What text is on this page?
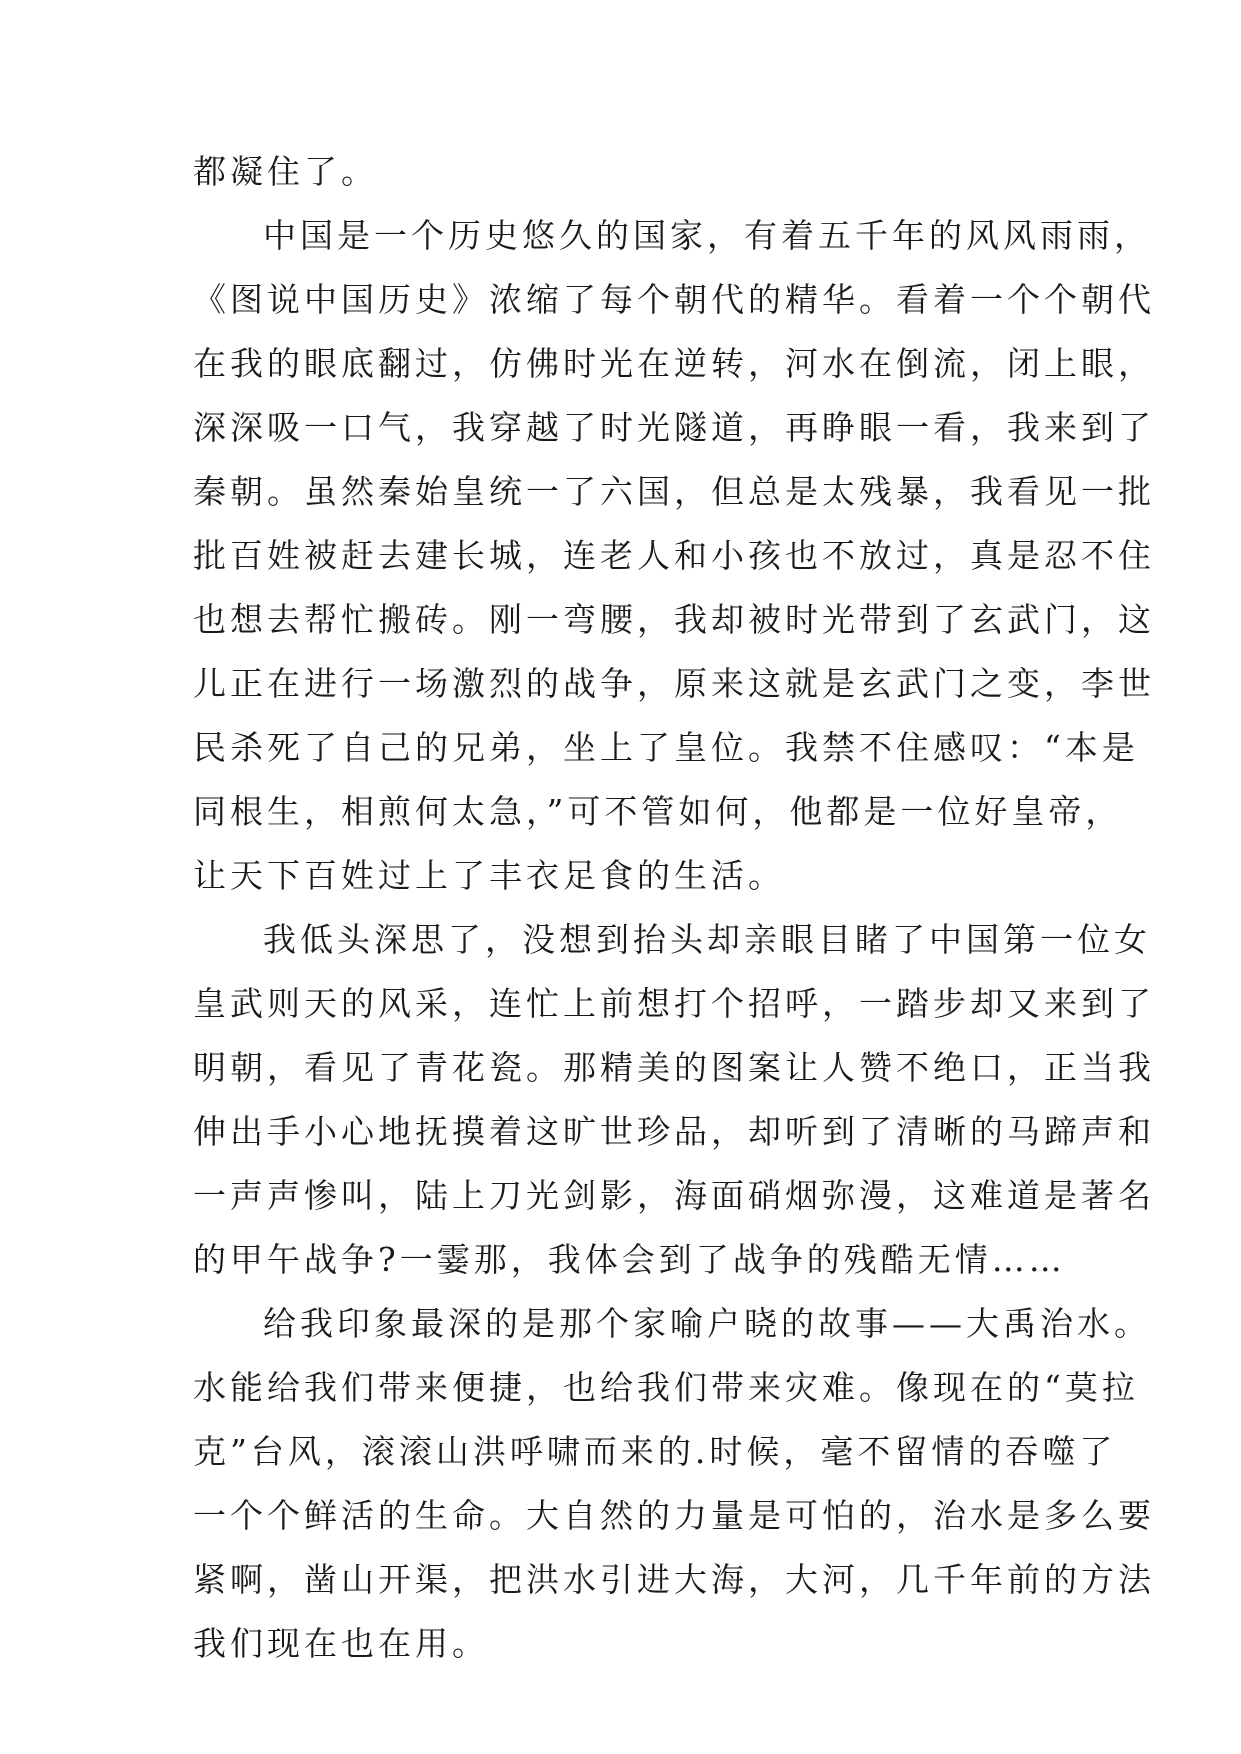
都凝住了。
中国是一个历史悠久的国家，有着五千年的风风雨雨，
《图说中国历史》浓缩了每个朝代的精华。看着一个个朝代
在我的眼底翻过，仿佛时光在逆转，河水在倒流，闭上眼，
深深吸一口气，我穿越了时光隧道，再睁眼一看，我来到了
秦朝。虽然秦始皇统一了六国，但总是太残暴，我看见一批
批百姓被赶去建长城，连老人和小孩也不放过，真是忍不住
也想去帮忙搬砖。刚一弯腰，我却被时光带到了玄武门，这
儿正在进行一场激烈的战争，原来这就是玄武门之变，李世
民杀死了自己的兄弟，坐上了皇位。我禁不住感叹：“本是
同根生，相煎何太急，”可不管如何，他都是一位好皇帝，
让天下百姓过上了丰衣足食的生活。
我低头深思了，没想到抬头却亲眼目睹了中国第一位女
皇武则天的风采，连忙上前想打个招呼，一踏步却又来到了
明朝，看见了青花瓷。那精美的图案让人赞不绝口，正当我
伸出手小心地抚摸着这旷世珍品，却听到了清晰的马蹄声和
一声声惨叫，陆上刀光剑影，海面硝烟弥漫，这难道是著名
的甲午战争?一霎那，我体会到了战争的残酷无情……
给我印象最深的是那个家喻户晓的故事——大禹治水。
水能给我们带来便捷，也给我们带来灾难。像现在的“莫拉
克”台风，滚滚山洪呼啸而来的.时候，毫不留情的吞噬了
一个个鲜活的生命。大自然的力量是可怕的，治水是多么要
紧啊，凿山开渠，把洪水引进大海，大河，几千年前的方法
我们现在也在用。
